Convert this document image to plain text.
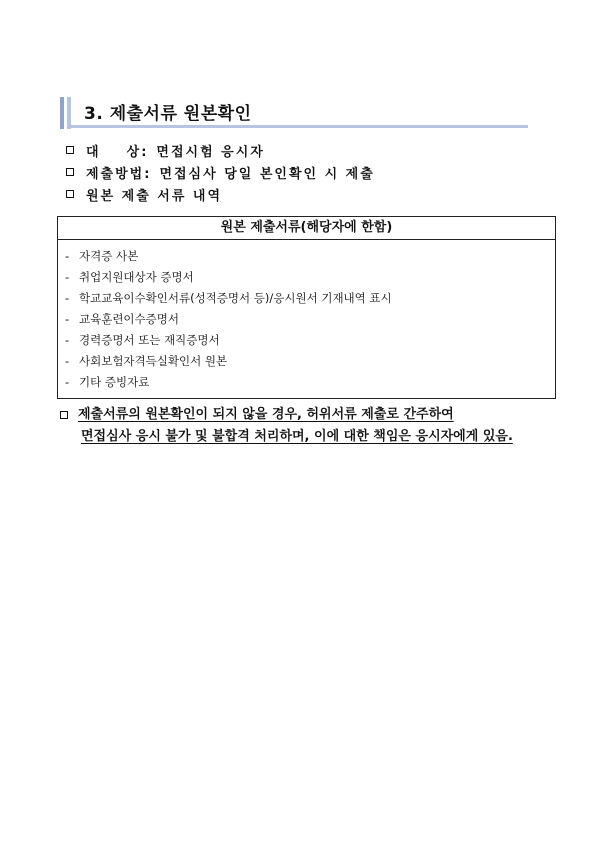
3. 제출서류 원본확인
대    상: 면접시험 응시자
제출방법: 면접심사 당일 본인확인 시 제출
원본 제출 서류 내역
원본 제출서류(해당자에 한함)
- 자격증 사본
- 취업지원대상자 증명서
- 학교교육이수확인서류(성적증명서 등)/응시원서 기재내역 표시
- 교육훈련이수증명서
- 경력증명서 또는 재직증명서
- 사회보험자격득실확인서 원본
- 기타 증빙자료
제출서류의 원본확인이 되지 않을 경우, 허위서류 제출로 간주하여
면접심사 응시 불가 및 불합격 처리하며, 이에 대한 책임은 응시자에게 있음.
